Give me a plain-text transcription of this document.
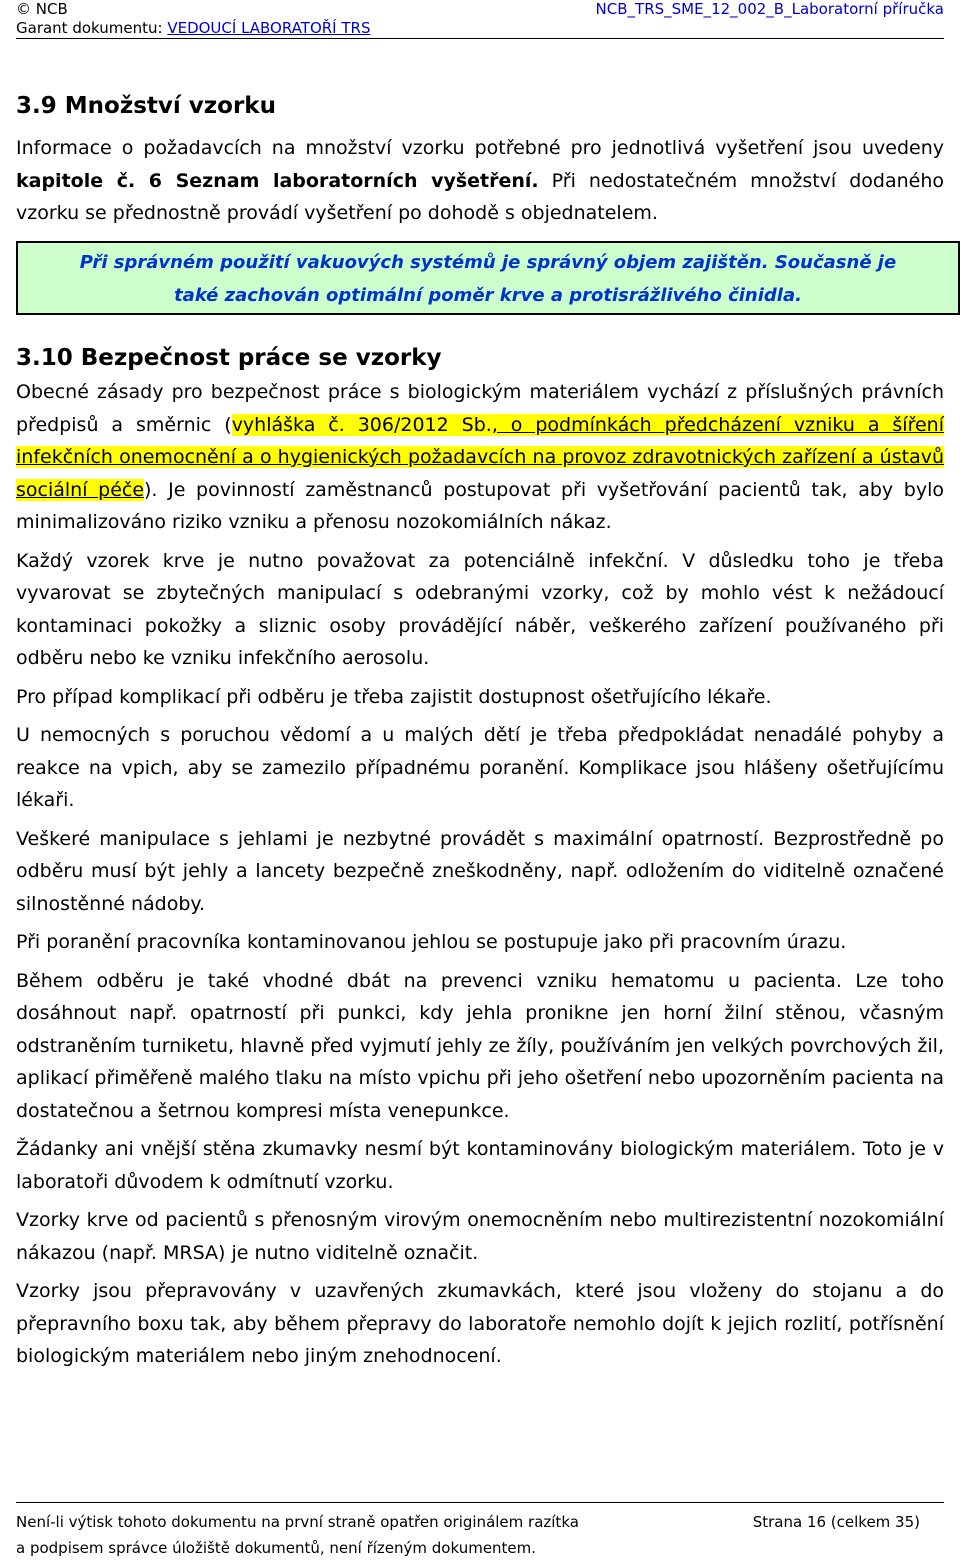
© NCB
Garant dokumentu: VEDOUCÍ LABORATOŘÍ TRS
NCB_TRS_SME_12_002_B_Laboratorní příručka
3.9 Množství vzorku

Informace o požadavcích na množství vzorku potřebné pro jednotlivá vyšetření jsou uvedeny kapitole č. 6 Seznam laboratorních vyšetření. Při nedostatečném množství dodaného vzorku se přednostně provádí vyšetření po dohodě s objednatelem.

Při správném použití vakuových systémů je správný objem zajištěn. Současně je
také zachován optimální poměr krve a protisrážlivého činidla.
3.10 Bezpečnost práce se vzorky

Obecné zásady pro bezpečnost práce s biologickým materiálem vychází z příslušných právních předpisů a směrnic (vyhláška č. 306/2012 Sb., o podmínkách předcházení vzniku a šíření infekčních onemocnění a o hygienických požadavcích na provoz zdravotnických zařízení a ústavů sociální péče). Je povinností zaměstnanců postupovat při vyšetřování pacientů tak, aby bylo minimalizováno riziko vzniku a přenosu nozokomiálních nákaz.

Každý vzorek krve je nutno považovat za potenciálně infekční. V důsledku toho je třeba vyvarovat se zbytečných manipulací s odebranými vzorky, což by mohlo vést k nežádoucí kontaminaci pokožky a sliznic osoby provádějící náběr, veškerého zařízení používaného při odběru nebo ke vzniku infekčního aerosolu.

Pro případ komplikací při odběru je třeba zajistit dostupnost ošetřujícího lékaře.

U nemocných s poruchou vědomí a u malých dětí je třeba předpokládat nenadálé pohyby a reakce na vpich, aby se zamezilo případnému poranění. Komplikace jsou hlášeny ošetřujícímu lékaři.

Veškeré manipulace s jehlami je nezbytné provádět s maximální opatrností. Bezprostředně po odběru musí být jehly a lancety bezpečně zneškodněny, např. odložením do viditelně označené silnostěnné nádoby.

Při poranění pracovníka kontaminovanou jehlou se postupuje jako při pracovním úrazu.

Během odběru je také vhodné dbát na prevenci vzniku hematomu u pacienta. Lze toho dosáhnout např. opatrností při punkci, kdy jehla pronikne jen horní žilní stěnou, včasným odstraněním turniketu, hlavně před vyjmutí jehly ze žíly, používáním jen velkých povrchových žil, aplikací přiměřeně malého tlaku na místo vpichu při jeho ošetření nebo upozorněním pacienta na dostatečnou a šetrnou kompresi místa venepunkce.

Žádanky ani vnější stěna zkumavky nesmí být kontaminovány biologickým materiálem. Toto je v laboratoři důvodem k odmítnutí vzorku.

Vzorky krve od pacientů s přenosným virovým onemocněním nebo multirezistentní nozokomiální nákazou (např. MRSA) je nutno viditelně označit.

Vzorky jsou přepravovány v uzavřených zkumavkách, které jsou vloženy do stojanu a do přepravního boxu tak, aby během přepravy do laboratoře nemohlo dojít k jejich rozlití, potřísnění biologickým materiálem nebo jiným znehodnocení.

Není-li výtisk tohoto dokumentu na první straně opatřen originálem razítka
a podpisem správce úložiště dokumentů, není řízeným dokumentem.
Strana 16 (celkem 35)
